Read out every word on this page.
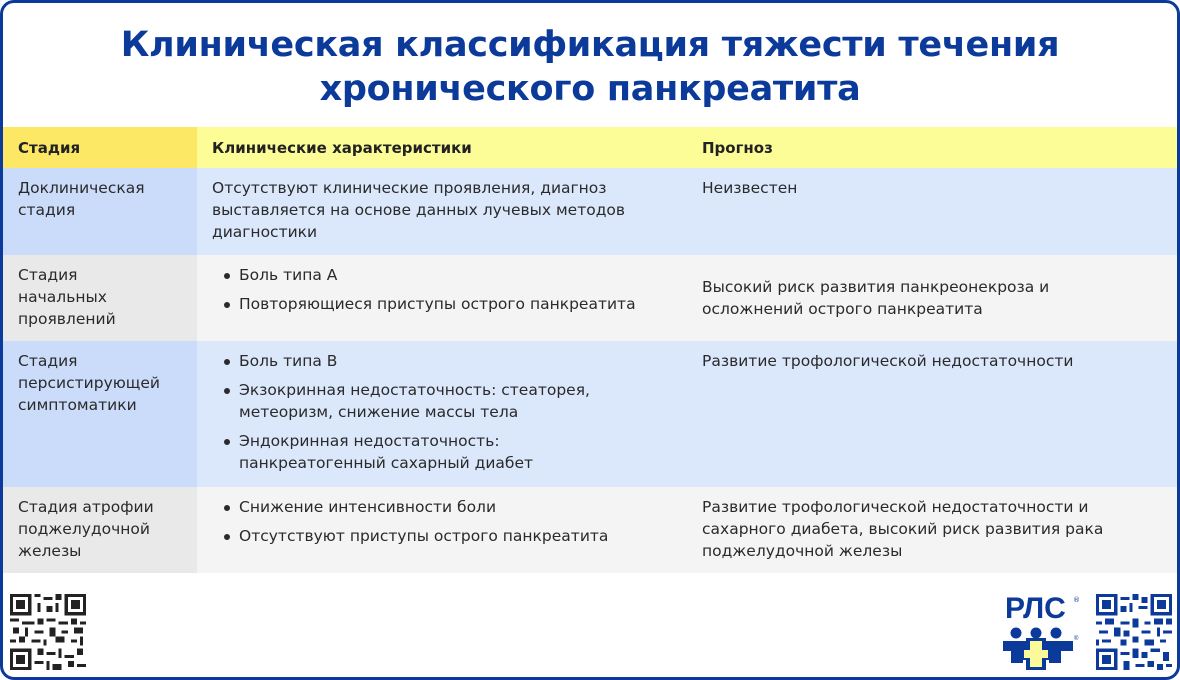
Клиническая классификация тяжести течения
хронического панкреатита
Стадия	Клинические характеристики	Прогноз
Доклиническая стадия
Отсутствуют клинические проявления, диагноз выставляется на основе данных лучевых методов диагностики
Неизвестен
Стадия начальных проявлений
Боль типа А
Повторяющиеся приступы острого панкреатита
Высокий риск развития панкреонекроза и осложнений острого панкреатита
Стадия персистирующей симптоматики
Боль типа В
Экзокринная недостаточность: стеаторея, метеоризм, снижение массы тела
Эндокринная недостаточность: панкреатогенный сахарный диабет
Развитие трофологической недостаточности
Стадия атрофии поджелудочной железы
Снижение интенсивности боли
Отсутствуют приступы острого панкреатита
Развитие трофологической недостаточности и сахарного диабета, высокий риск развития рака поджелудочной железы
РЛС ®
®
